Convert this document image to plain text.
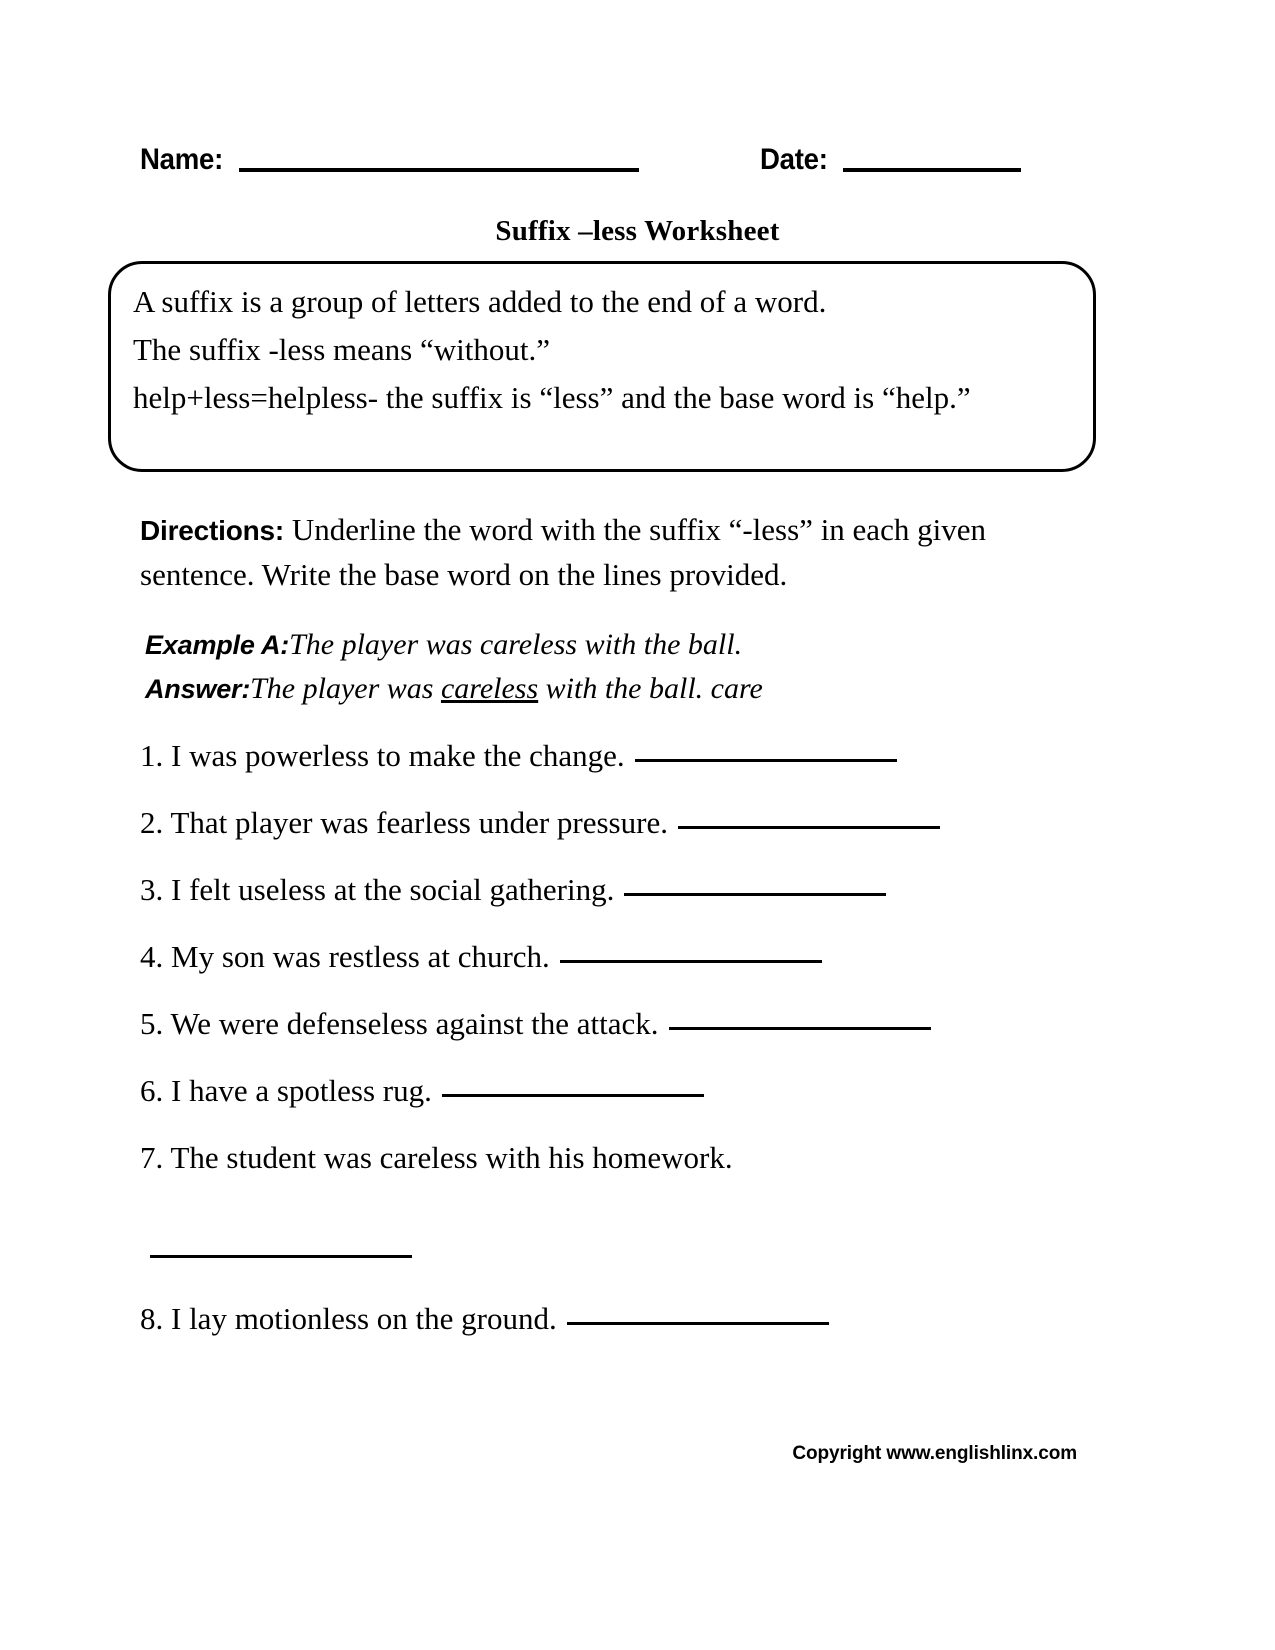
Name:	Date:
Suffix –less Worksheet
A suffix is a group of letters added to the end of a word.
The suffix -less means “without.”
help+less=helpless- the suffix is “less” and the base word is “help.”
Directions: Underline the word with the suffix “-less” in each given sentence. Write the base word on the lines provided.
Example A:The player was careless with the ball.
Answer:The player was careless with the ball. care
1. I was powerless to make the change.
2. That player was fearless under pressure.
3. I felt useless at the social gathering.
4. My son was restless at church.
5. We were defenseless against the attack.
6. I have a spotless rug.
7. The student was careless with his homework.
8. I lay motionless on the ground.
Copyright www.englishlinx.com
